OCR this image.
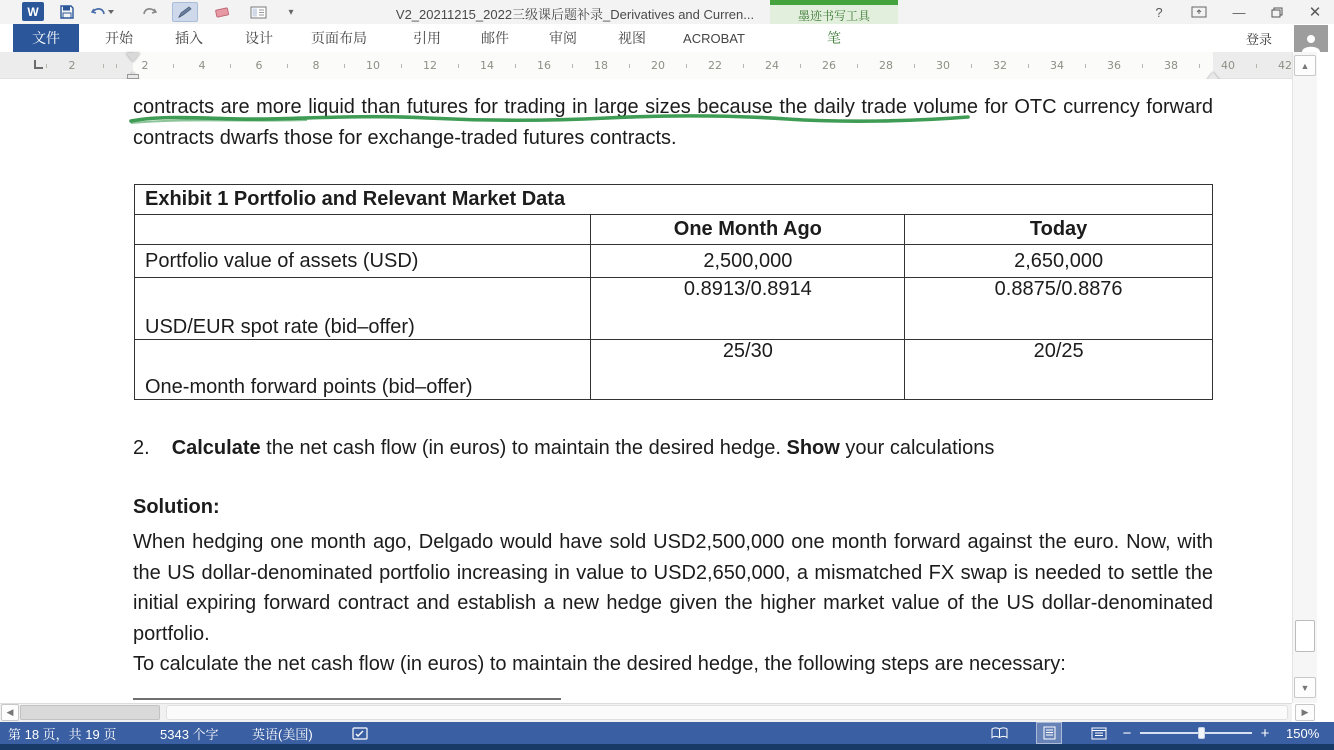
W	▾	V2_20211215_2022三级课后题补录_Derivatives and Curren...	墨迹书写工具	?	—	✕
文件	开始	插入	设计	页面布局	引用	邮件	审阅	视图	ACROBAT	笔	登录
2	2	4	6	8	10	12	14	16	18	20	22	24	26	28	30	32	34	36	38	40	42
contracts are more liquid than futures for trading in large sizes because the daily trade volume for OTC currency forward contracts dwarfs those for exchange-traded futures contracts.
Exhibit 1 Portfolio and Relevant Market Data		
	One Month Ago	Today
Portfolio value of assets (USD)	2,500,000	2,650,000
USD/EUR spot rate (bid–offer)	0.8913/0.8914	0.8875/0.8876
One-month forward points (bid–offer)	25/30	20/25
2. Calculate the net cash flow (in euros) to maintain the desired hedge. Show your calculations
Solution:
When hedging one month ago, Delgado would have sold USD2,500,000 one month forward against the euro. Now, with the US dollar-denominated portfolio increasing in value to USD2,650,000, a mismatched FX swap is needed to settle the initial expiring forward contract and establish a new hedge given the higher market value of the US dollar-denominated portfolio.
To calculate the net cash flow (in euros) to maintain the desired hedge, the following steps are necessary:
▲
▼
◀	▶
第 18 页，共 19 页	5343 个字	英语(美国)	−	+	150%
